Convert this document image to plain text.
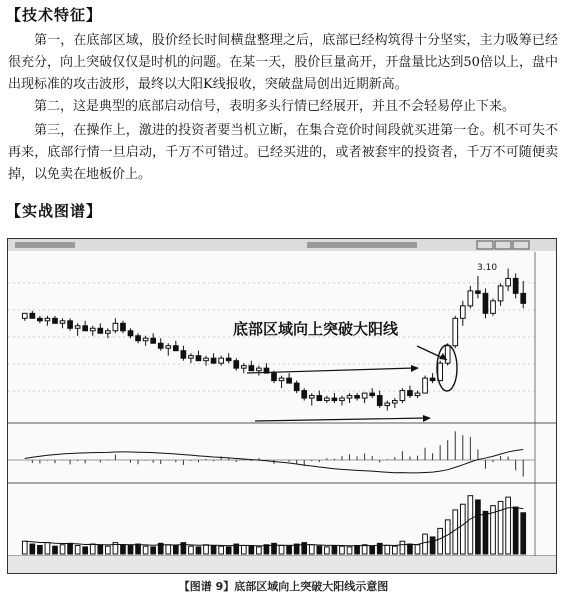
【技术特征】

第一，在底部区域，股价经长时间横盘整理之后，底部已经构筑得十分坚实，主力吸筹已经很充分，向上突破仅仅是时机的问题。在某一天，股价巨量高开，开盘量比达到50倍以上，盘中出现标准的攻击波形，最终以大阳K线报收，突破盘局创出近期新高。

第二，这是典型的底部启动信号，表明多头行情已经展开，并且不会轻易停止下来。

第三，在操作上，激进的投资者要当机立断，在集合竞价时间段就买进第一仓。机不可失不再来，底部行情一旦启动，千万不可错过。已经买进的，或者被套牢的投资者，千万不可随便卖掉，以免卖在地板价上。

【实战图谱】
3.10
底部区域向上突破大阳线
【图谱 9】底部区域向上突破大阳线示意图
